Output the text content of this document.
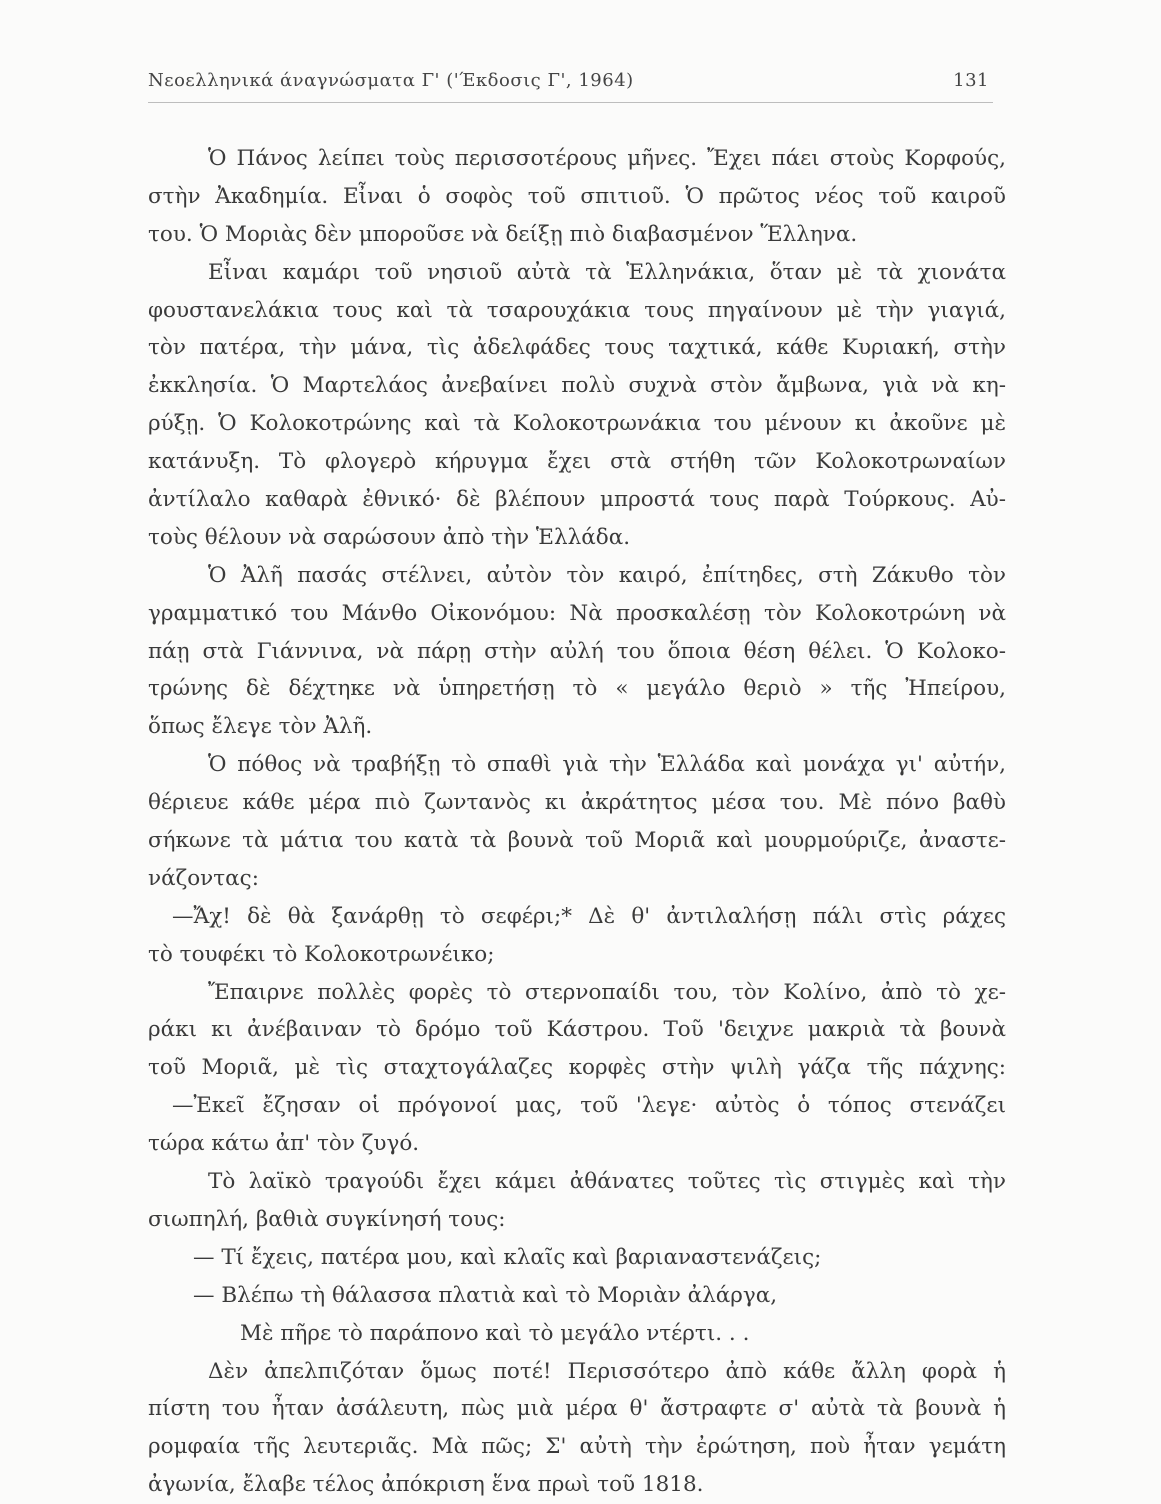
Νεοελληνικά άναγνώσματα Γ' ('Έκδοσις Γ', 1964)	131
Ὁ Πάνος λείπει τοὺς περισσοτέρους μῆνες. Ἔχει πάει στοὺς Κορφούς,
στὴν Ἀκαδημία. Εἶναι ὁ σοφὸς τοῦ σπιτιοῦ. Ὁ πρῶτος νέος τοῦ καιροῦ
του. Ὁ Μοριὰς δὲν μποροῦσε νὰ δείξῃ πιὸ διαβασμένον Ἕλληνα.
Εἶναι καμάρι τοῦ νησιοῦ αὐτὰ τὰ Ἑλληνάκια, ὅταν μὲ τὰ χιονάτα
φουστανελάκια τους καὶ τὰ τσαρουχάκια τους πηγαίνουν μὲ τὴν γιαγιά,
τὸν πατέρα, τὴν μάνα, τὶς ἀδελφάδες τους ταχτικά, κάθε Κυριακή, στὴν
ἐκκλησία. Ὁ Μαρτελάος ἀνεβαίνει πολὺ συχνὰ στὸν ἄμβωνα, γιὰ νὰ κη-
ρύξῃ. Ὁ Κολοκοτρώνης καὶ τὰ Κολοκοτρωνάκια του μένουν κι ἀκοῦνε μὲ
κατάνυξη. Τὸ φλογερὸ κήρυγμα ἔχει στὰ στήθη τῶν Κολοκοτρωναίων
ἀντίλαλο καθαρὰ ἐθνικό· δὲ βλέπουν μπροστά τους παρὰ Τούρκους. Αὐ-
τοὺς θέλουν νὰ σαρώσουν ἀπὸ τὴν Ἑλλάδα.
Ὁ Ἀλῆ πασάς στέλνει, αὐτὸν τὸν καιρό, ἐπίτηδες, στὴ Ζάκυθο τὸν
γραμματικό του Μάνθο Οἰκονόμου: Νὰ προσκαλέσῃ τὸν Κολοκοτρώνη νὰ
πάῃ στὰ Γιάννινα, νὰ πάρῃ στὴν αὐλή του ὅποια θέση θέλει. Ὁ Κολοκο-
τρώνης δὲ δέχτηκε νὰ ὑπηρετήσῃ τὸ « μεγάλο θεριὸ » τῆς Ἠπείρου,
ὅπως ἔλεγε τὸν Ἀλῆ.
Ὁ πόθος νὰ τραβήξῃ τὸ σπαθὶ γιὰ τὴν Ἑλλάδα καὶ μονάχα γι' αὐτήν,
θέριευε κάθε μέρα πιὸ ζωντανὸς κι ἀκράτητος μέσα του. Μὲ πόνο βαθὺ
σήκωνε τὰ μάτια του κατὰ τὰ βουνὰ τοῦ Μοριᾶ καὶ μουρμούριζε, ἀναστε-
νάζοντας:
—Ἄχ! δὲ θὰ ξανάρθῃ τὸ σεφέρι;* Δὲ θ' ἀντιλαλήσῃ πάλι στὶς ράχες
τὸ τουφέκι τὸ Κολοκοτρωνέικο;
Ἔπαιρνε πολλὲς φορὲς τὸ στερνοπαίδι του, τὸν Κολίνο, ἀπὸ τὸ χε-
ράκι κι ἀνέβαιναν τὸ δρόμο τοῦ Κάστρου. Τοῦ 'δειχνε μακριὰ τὰ βουνὰ
τοῦ Μοριᾶ, μὲ τὶς σταχτογάλαζες κορφὲς στὴν ψιλὴ γάζα τῆς πάχνης:
—Ἐκεῖ ἔζησαν οἱ πρόγονοί μας, τοῦ 'λεγε· αὐτὸς ὁ τόπος στενάζει
τώρα κάτω ἀπ' τὸν ζυγό.
Τὸ λαϊκὸ τραγούδι ἔχει κάμει ἀθάνατες τοῦτες τὶς στιγμὲς καὶ τὴν
σιωπηλή, βαθιὰ συγκίνησή τους:
— Τί ἔχεις, πατέρα μου, καὶ κλαῖς καὶ βαριαναστενάζεις;
— Βλέπω τὴ θάλασσα πλατιὰ καὶ τὸ Μοριὰν ἀλάργα,
Μὲ πῆρε τὸ παράπονο καὶ τὸ μεγάλο ντέρτι. . .
Δὲν ἀπελπιζόταν ὅμως ποτέ! Περισσότερο ἀπὸ κάθε ἄλλη φορὰ ἡ
πίστη του ἦταν ἀσάλευτη, πὼς μιὰ μέρα θ' ἄστραφτε σ' αὐτὰ τὰ βουνὰ ἡ
ρομφαία τῆς λευτεριᾶς. Μὰ πῶς; Σ' αὐτὴ τὴν ἐρώτηση, ποὺ ἦταν γεμάτη
ἀγωνία, ἔλαβε τέλος ἀπόκριση ἕνα πρωὶ τοῦ 1818.
